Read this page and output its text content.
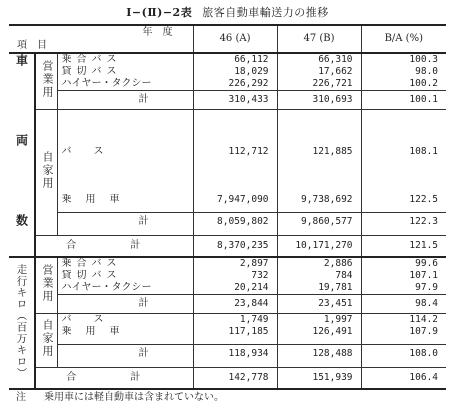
Ⅰ−(Ⅱ)−2表 旅客自動車輸送力の推移
年　度			46 (A)	47 (B)	B/A (%)
項　目					
車　両　数	営業用	乗合バス	66,112	66,310	100.3
		貸切バス	18,029	17,662	98.0
		ハイヤー・タクシー	226,292	226,721	100.2
		計	310,433	310,693	100.1
	自家用	バス	112,712	121,885	108.1
		乗用車	7,947,090	9,738,692	122.5

		計	8,059,802	9,860,577	122.3

	合　計		8,370,235	10,171,270	121.5
走行キロ（百万キロ）	営業用	乗合バス	2,897	2,886	99.6
		貸切バス	732	784	107.1
		ハイヤー・タクシー	20,214	19,781	97.9
		計	23,844	23,451	98.4
	自家用	バス	1,749	1,997	114.2
		乗用車	117,185	126,491	107.9

		計	118,934	128,488	108.0

	合　計		142,778	151,939	106.4
注 乗用車には軽自動車は含まれていない。
